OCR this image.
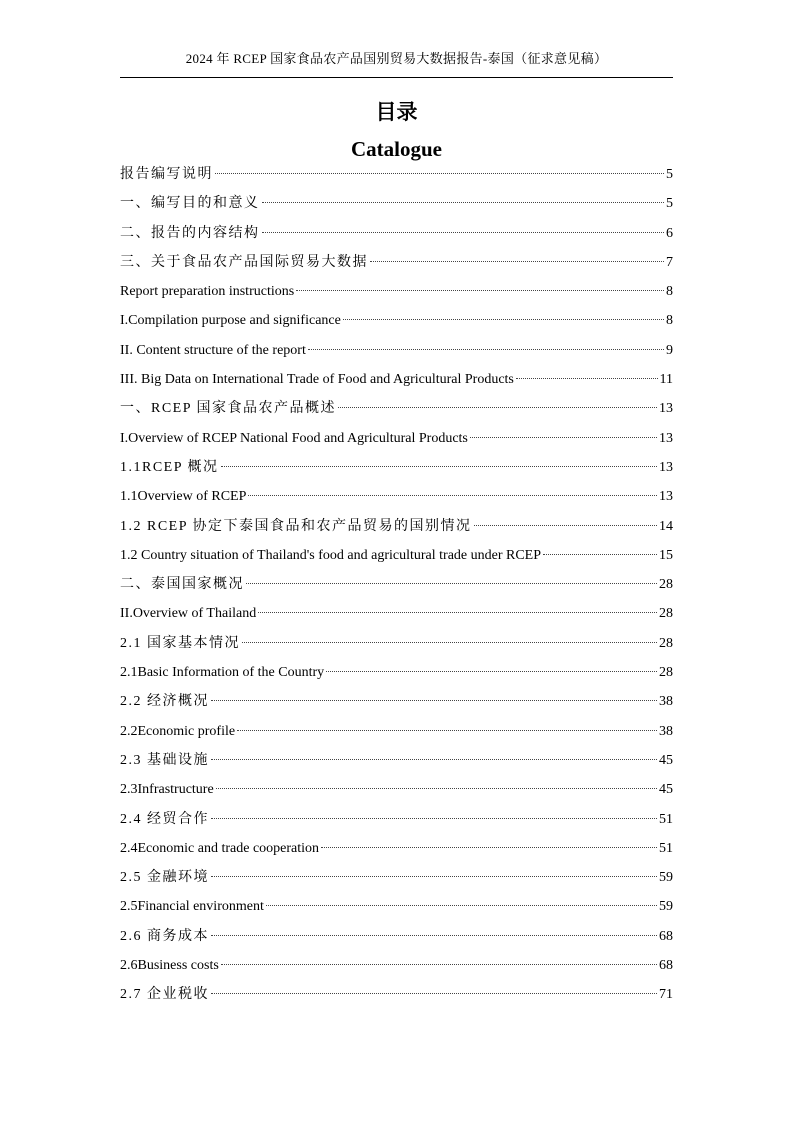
2024 年 RCEP 国家食品农产品国别贸易大数据报告-泰国（征求意见稿）
目录
Catalogue
报告编写说明	5
一、编写目的和意义	5
二、报告的内容结构	6
三、关于食品农产品国际贸易大数据	7
Report preparation instructions	8
I.Compilation purpose and significance	8
II. Content structure of the report	9
III. Big Data on International Trade of Food and Agricultural Products	11
一、RCEP 国家食品农产品概述	13
I.Overview of RCEP National Food and Agricultural Products	13
1.1RCEP 概况	13
1.1Overview of RCEP	13
1.2 RCEP 协定下泰国食品和农产品贸易的国别情况	14
1.2 Country situation of Thailand's food and agricultural trade under RCEP	15
二、泰国国家概况	28
II.Overview of Thailand	28
2.1 国家基本情况	28
2.1Basic Information of the Country	28
2.2 经济概况	38
2.2Economic profile	38
2.3 基础设施	45
2.3Infrastructure	45
2.4 经贸合作	51
2.4Economic and trade cooperation	51
2.5 金融环境	59
2.5Financial environment	59
2.6 商务成本	68
2.6Business costs	68
2.7 企业税收	71
